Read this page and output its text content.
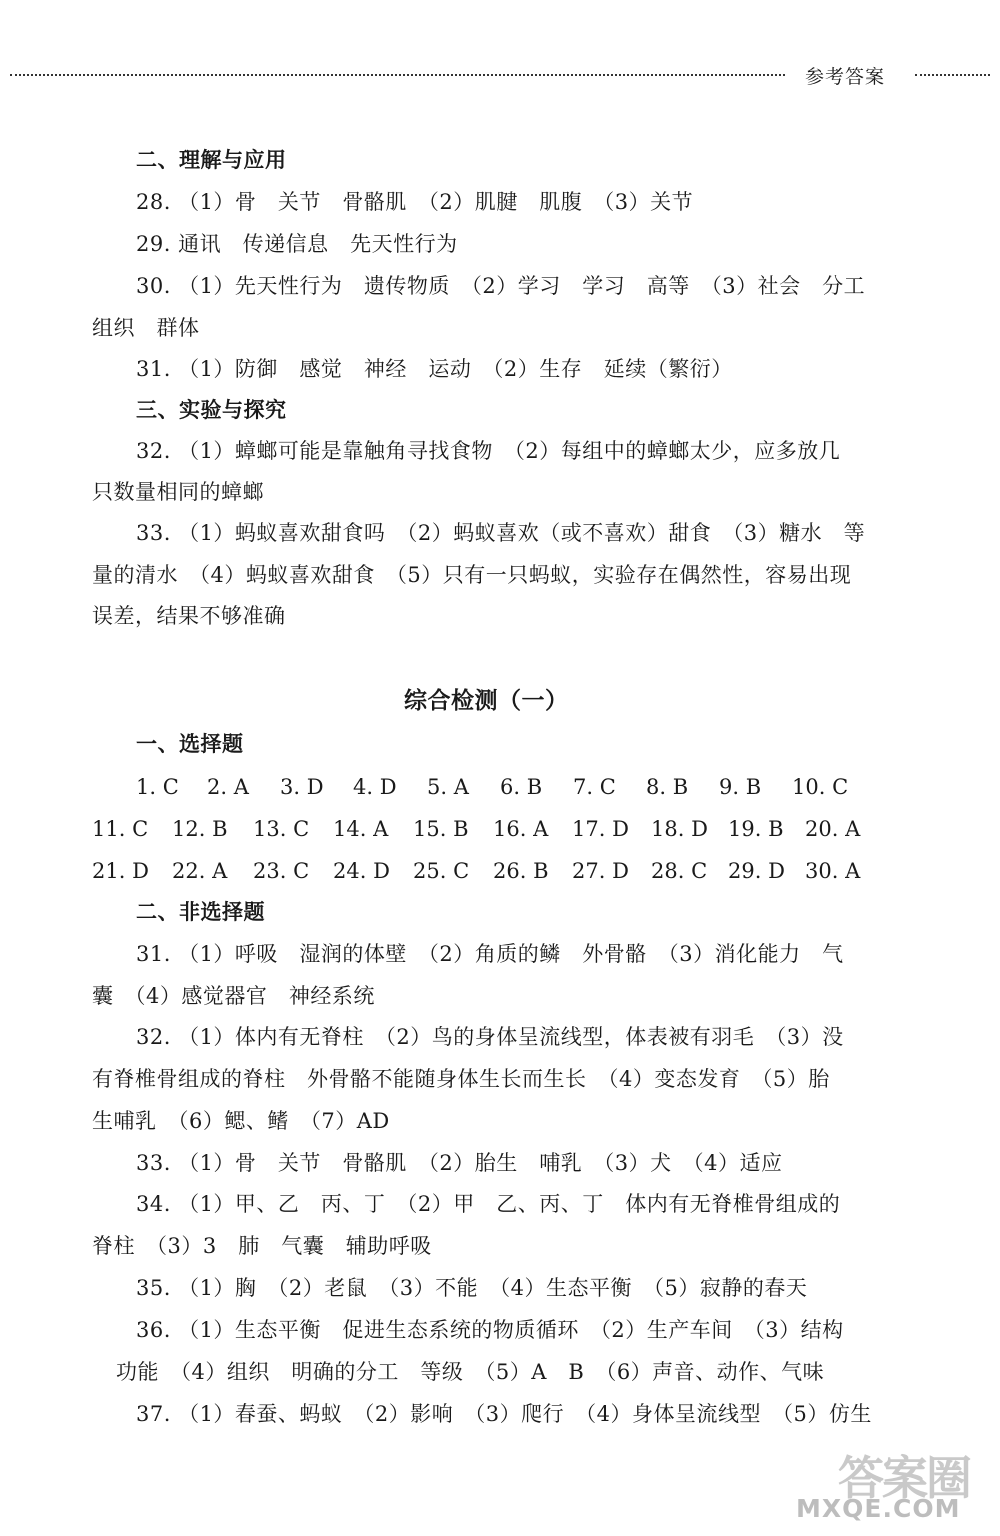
参考答案
二、理解与应用
28. （1）骨　关节　骨骼肌　（2）肌腱　肌腹　（3）关节
29. 通讯　传递信息　先天性行为
30. （1）先天性行为　遗传物质　（2）学习　学习　高等　（3）社会　分工
组织　群体
31. （1）防御　感觉　神经　运动　（2）生存　延续（繁衍）
三、实验与探究
32. （1）蟑螂可能是靠触角寻找食物　（2）每组中的蟑螂太少，应多放几
只数量相同的蟑螂
33. （1）蚂蚁喜欢甜食吗　（2）蚂蚁喜欢（或不喜欢）甜食　（3）糖水　等
量的清水　（4）蚂蚁喜欢甜食　（5）只有一只蚂蚁，实验存在偶然性，容易出现
误差，结果不够准确
综合检测（一）
一、选择题
1. C 2. A 3. D 4. D 5. A 6. B 7. C 8. B 9. B 10. C
11. C 12. B 13. C 14. A 15. B 16. A 17. D 18. D 19. B 20. A
21. D 22. A 23. C 24. D 25. C 26. B 27. D 28. C 29. D 30. A
二、非选择题
31. （1）呼吸　湿润的体壁　（2）角质的鳞　外骨骼　（3）消化能力　气
囊　（4）感觉器官　神经系统
32. （1）体内有无脊柱　（2）鸟的身体呈流线型，体表被有羽毛　（3）没
有脊椎骨组成的脊柱　外骨骼不能随身体生长而生长　（4）变态发育　（5）胎
生哺乳　（6）鳃、鳍　（7）AD
33. （1）骨　关节　骨骼肌　（2）胎生　哺乳　（3）犬　（4）适应
34. （1）甲、乙　丙、丁　（2）甲　乙、丙、丁　体内有无脊椎骨组成的
脊柱　（3）3　肺　气囊　辅助呼吸
35. （1）胸　（2）老鼠　（3）不能　（4）生态平衡　（5）寂静的春天
36. （1）生态平衡　促进生态系统的物质循环　（2）生产车间　（3）结构
功能　（4）组织　明确的分工　等级　（5）A　B　（6）声音、动作、气味
37. （1）春蚕、蚂蚁　（2）影响　（3）爬行　（4）身体呈流线型　（5）仿生
答案圈
MXQE.COM
